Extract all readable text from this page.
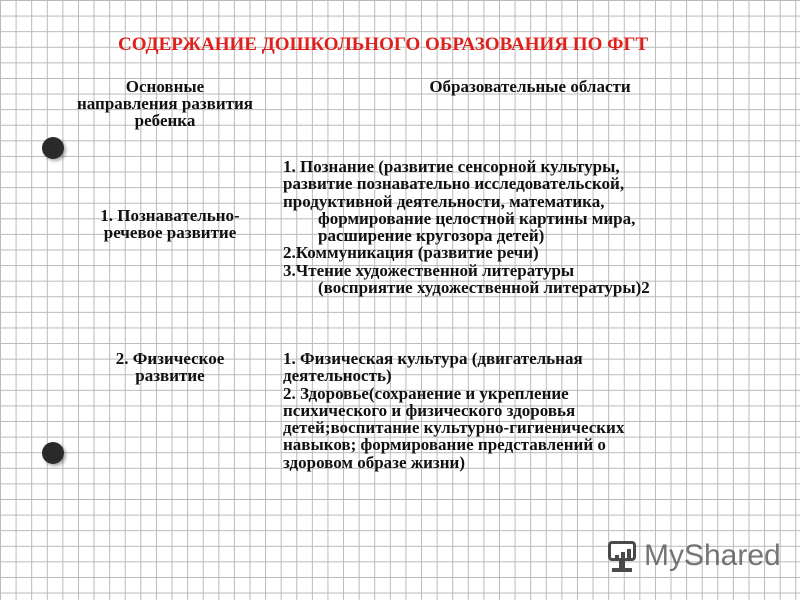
СОДЕРЖАНИЕ ДОШКОЛЬНОГО ОБРАЗОВАНИЯ ПО ФГТ
Основные
направления развития
ребенка
Образовательные области
1. Познавательно-
речевое развитие
1. Познание (развитие сенсорной культуры,
развитие познавательно исследовательской,
продуктивной деятельности, математика,
формирование целостной картины мира,
расширение кругозора детей)
2.Коммуникация (развитие речи)
3.Чтение художественной литературы
(восприятие художественной литературы)2
2. Физическое
развитие
1. Физическая культура (двигательная
деятельность)
2. Здоровье(сохранение и укрепление
психического и физического здоровья
детей;воспитание культурно-гигиенических
навыков; формирование представлений о
здоровом образе жизни)
MyShared
